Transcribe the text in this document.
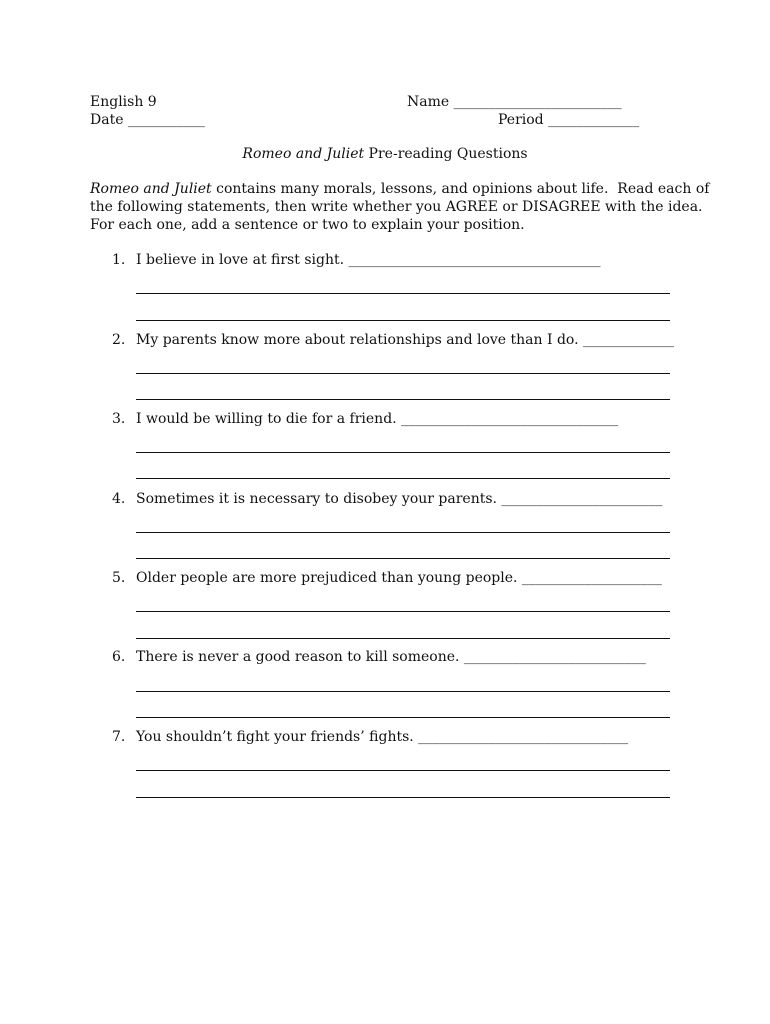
English 9	Name ________________________
Date ___________	Period _____________
Romeo and Juliet Pre-reading Questions
Romeo and Juliet contains many morals, lessons, and opinions about life.  Read each of
the following statements, then write whether you AGREE or DISAGREE with the idea.
For each one, add a sentence or two to explain your position.
1. I believe in love at first sight. ____________________________________
2. My parents know more about relationships and love than I do. _____________
3. I would be willing to die for a friend. _______________________________
4. Sometimes it is necessary to disobey your parents. _______________________
5. Older people are more prejudiced than young people. ____________________
6. There is never a good reason to kill someone. __________________________
7. You shouldn’t fight your friends’ fights. ______________________________
